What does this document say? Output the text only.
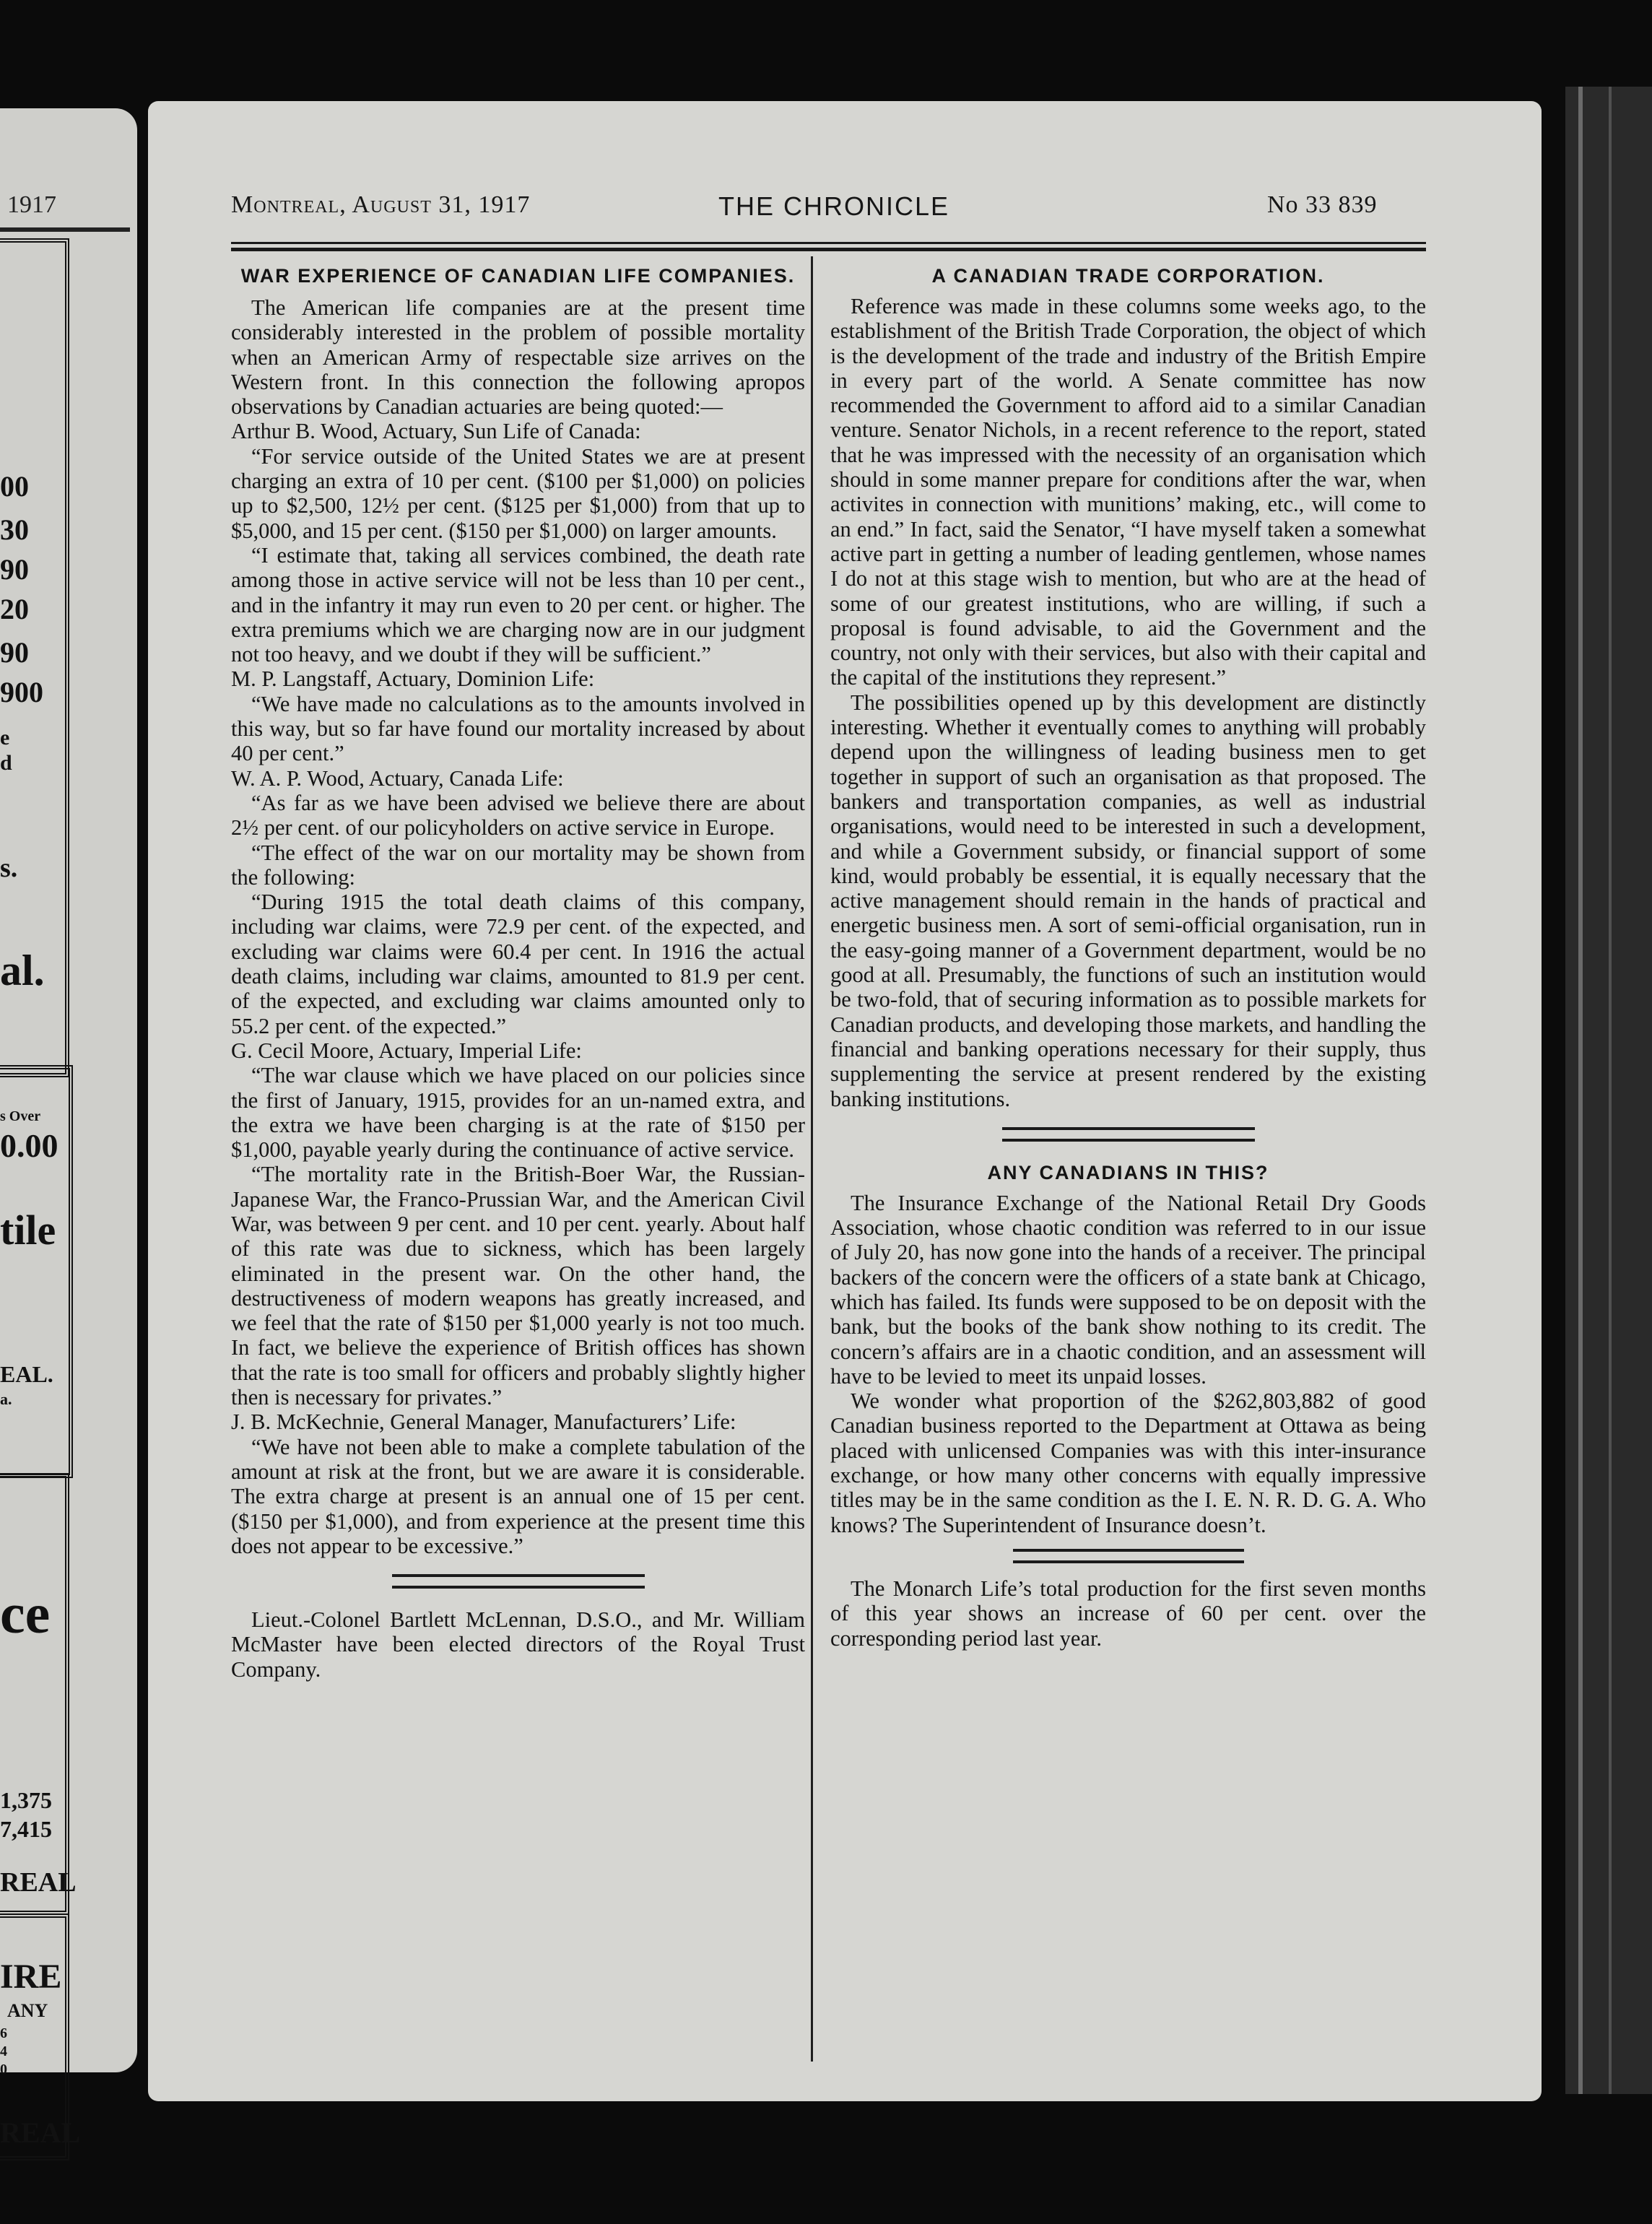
1917
00
30
90
20
90
900
e
d
s.
al.
s Over
0.00
tile
EAL.
a.
ce
1,375
7,415
REAL
IRE
ANY
6
4
0
REAL
Montreal, August 31, 1917	THE CHRONICLE	No 33 839
WAR EXPERIENCE OF CANADIAN LIFE COMPANIES.

The American life companies are at the present time considerably interested in the problem of possible mortality when an American Army of respectable size arrives on the Western front. In this connection the following apropos observations by Canadian actuaries are being quoted:—

Arthur B. Wood, Actuary, Sun Life of Canada:

“For service outside of the United States we are at present charging an extra of 10 per cent. ($100 per $1,000) on policies up to $2,500, 12½ per cent. ($125 per $1,000) from that up to $5,000, and 15 per cent. ($150 per $1,000) on larger amounts.

“I estimate that, taking all services combined, the death rate among those in active service will not be less than 10 per cent., and in the infantry it may run even to 20 per cent. or higher. The extra premiums which we are charging now are in our judgment not too heavy, and we doubt if they will be sufficient.”

M. P. Langstaff, Actuary, Dominion Life:

“We have made no calculations as to the amounts involved in this way, but so far have found our mortality increased by about 40 per cent.”

W. A. P. Wood, Actuary, Canada Life:

“As far as we have been advised we believe there are about 2½ per cent. of our policyholders on active service in Europe.

“The effect of the war on our mortality may be shown from the following:

“During 1915 the total death claims of this company, including war claims, were 72.9 per cent. of the expected, and excluding war claims were 60.4 per cent. In 1916 the actual death claims, including war claims, amounted to 81.9 per cent. of the expected, and excluding war claims amounted only to 55.2 per cent. of the expected.”

G. Cecil Moore, Actuary, Imperial Life:

“The war clause which we have placed on our policies since the first of January, 1915, provides for an un-named extra, and the extra we have been charging is at the rate of $150 per $1,000, payable yearly during the continuance of active service.

“The mortality rate in the British-Boer War, the Russian-Japanese War, the Franco-Prussian War, and the American Civil War, was between 9 per cent. and 10 per cent. yearly. About half of this rate was due to sickness, which has been largely eliminated in the present war. On the other hand, the destructiveness of modern weapons has greatly increased, and we feel that the rate of $150 per $1,000 yearly is not too much. In fact, we believe the experience of British offices has shown that the rate is too small for officers and probably slightly higher then is necessary for privates.”

J. B. McKechnie, General Manager, Manufacturers’ Life:

“We have not been able to make a complete tabulation of the amount at risk at the front, but we are aware it is considerable. The extra charge at present is an annual one of 15 per cent. ($150 per $1,000), and from experience at the present time this does not appear to be excessive.”

Lieut.-Colonel Bartlett McLennan, D.S.O., and Mr. William McMaster have been elected directors of the Royal Trust Company.

A CANADIAN TRADE CORPORATION.

Reference was made in these columns some weeks ago, to the establishment of the British Trade Corporation, the object of which is the development of the trade and industry of the British Empire in every part of the world. A Senate committee has now recommended the Government to afford aid to a similar Canadian venture. Senator Nichols, in a recent reference to the report, stated that he was impressed with the necessity of an organisation which should in some manner prepare for conditions after the war, when activites in connection with munitions’ making, etc., will come to an end.” In fact, said the Senator, “I have myself taken a somewhat active part in getting a number of leading gentlemen, whose names I do not at this stage wish to mention, but who are at the head of some of our greatest institutions, who are willing, if such a proposal is found advisable, to aid the Government and the country, not only with their services, but also with their capital and the capital of the institutions they represent.”

The possibilities opened up by this development are distinctly interesting. Whether it eventually comes to anything will probably depend upon the willingness of leading business men to get together in support of such an organisation as that proposed. The bankers and transportation companies, as well as industrial organisations, would need to be interested in such a development, and while a Government subsidy, or financial support of some kind, would probably be essential, it is equally necessary that the active management should remain in the hands of practical and energetic business men. A sort of semi-official organisation, run in the easy-going manner of a Government department, would be no good at all. Presumably, the functions of such an institution would be two-fold, that of securing information as to possible markets for Canadian products, and developing those markets, and handling the financial and banking operations necessary for their supply, thus supplementing the service at present rendered by the existing banking institutions.

ANY CANADIANS IN THIS?

The Insurance Exchange of the National Retail Dry Goods Association, whose chaotic condition was referred to in our issue of July 20, has now gone into the hands of a receiver. The principal backers of the concern were the officers of a state bank at Chicago, which has failed. Its funds were supposed to be on deposit with the bank, but the books of the bank show nothing to its credit. The concern’s affairs are in a chaotic condition, and an assessment will have to be levied to meet its unpaid losses.

We wonder what proportion of the $262,803,882 of good Canadian business reported to the Department at Ottawa as being placed with unlicensed Companies was with this inter-insurance exchange, or how many other concerns with equally impressive titles may be in the same condition as the I. E. N. R. D. G. A. Who knows? The Superintendent of Insurance doesn’t.

The Monarch Life’s total production for the first seven months of this year shows an increase of 60 per cent. over the corresponding period last year.
